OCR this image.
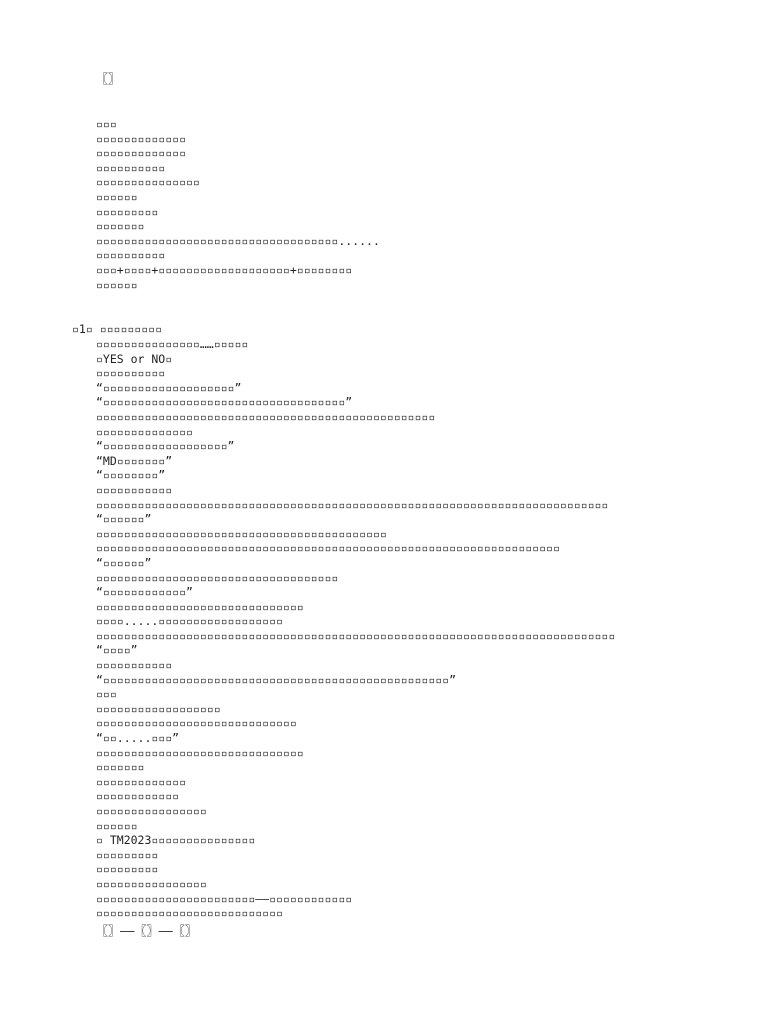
〖〗
▫▫▫
▫▫▫▫▫▫▫▫▫▫▫▫▫
▫▫▫▫▫▫▫▫▫▫▫▫▫
▫▫▫▫▫▫▫▫▫▫
▫▫▫▫▫▫▫▫▫▫▫▫▫▫▫
▫▫▫▫▫▫
▫▫▫▫▫▫▫▫▫
▫▫▫▫▫▫▫
▫▫▫▫▫▫▫▫▫▫▫▫▫▫▫▫▫▫▫▫▫▫▫▫▫▫▫▫▫▫▫▫▫▫▫......
▫▫▫▫▫▫▫▫▫▫
▫▫▫+▫▫▫▫+▫▫▫▫▫▫▫▫▫▫▫▫▫▫▫▫▫▫▫+▫▫▫▫▫▫▫▫
▫▫▫▫▫▫
▫1▫ ▫▫▫▫▫▫▫▫▫
▫▫▫▫▫▫▫▫▫▫▫▫▫▫▫……▫▫▫▫▫
▫YES or NO▫
▫▫▫▫▫▫▫▫▫▫
“▫▫▫▫▫▫▫▫▫▫▫▫▫▫▫▫▫▫▫”
“▫▫▫▫▫▫▫▫▫▫▫▫▫▫▫▫▫▫▫▫▫▫▫▫▫▫▫▫▫▫▫▫▫▫▫”
▫▫▫▫▫▫▫▫▫▫▫▫▫▫▫▫▫▫▫▫▫▫▫▫▫▫▫▫▫▫▫▫▫▫▫▫▫▫▫▫▫▫▫▫▫▫▫▫▫
▫▫▫▫▫▫▫▫▫▫▫▫▫▫
“▫▫▫▫▫▫▫▫▫▫▫▫▫▫▫▫▫▫”
“MD▫▫▫▫▫▫▫”
“▫▫▫▫▫▫▫▫”
▫▫▫▫▫▫▫▫▫▫▫
▫▫▫▫▫▫▫▫▫▫▫▫▫▫▫▫▫▫▫▫▫▫▫▫▫▫▫▫▫▫▫▫▫▫▫▫▫▫▫▫▫▫▫▫▫▫▫▫▫▫▫▫▫▫▫▫▫▫▫▫▫▫▫▫▫▫▫▫▫▫▫▫▫▫
“▫▫▫▫▫▫”
▫▫▫▫▫▫▫▫▫▫▫▫▫▫▫▫▫▫▫▫▫▫▫▫▫▫▫▫▫▫▫▫▫▫▫▫▫▫▫▫▫▫
▫▫▫▫▫▫▫▫▫▫▫▫▫▫▫▫▫▫▫▫▫▫▫▫▫▫▫▫▫▫▫▫▫▫▫▫▫▫▫▫▫▫▫▫▫▫▫▫▫▫▫▫▫▫▫▫▫▫▫▫▫▫▫▫▫▫▫
“▫▫▫▫▫▫”
▫▫▫▫▫▫▫▫▫▫▫▫▫▫▫▫▫▫▫▫▫▫▫▫▫▫▫▫▫▫▫▫▫▫▫
“▫▫▫▫▫▫▫▫▫▫▫▫”
▫▫▫▫▫▫▫▫▫▫▫▫▫▫▫▫▫▫▫▫▫▫▫▫▫▫▫▫▫▫
▫▫▫▫.....▫▫▫▫▫▫▫▫▫▫▫▫▫▫▫▫▫▫
▫▫▫▫▫▫▫▫▫▫▫▫▫▫▫▫▫▫▫▫▫▫▫▫▫▫▫▫▫▫▫▫▫▫▫▫▫▫▫▫▫▫▫▫▫▫▫▫▫▫▫▫▫▫▫▫▫▫▫▫▫▫▫▫▫▫▫▫▫▫▫▫▫▫▫
“▫▫▫▫”
▫▫▫▫▫▫▫▫▫▫▫
“▫▫▫▫▫▫▫▫▫▫▫▫▫▫▫▫▫▫▫▫▫▫▫▫▫▫▫▫▫▫▫▫▫▫▫▫▫▫▫▫▫▫▫▫▫▫▫▫▫▫”
▫▫▫
▫▫▫▫▫▫▫▫▫▫▫▫▫▫▫▫▫▫
▫▫▫▫▫▫▫▫▫▫▫▫▫▫▫▫▫▫▫▫▫▫▫▫▫▫▫▫▫
“▫▫.....▫▫▫”
▫▫▫▫▫▫▫▫▫▫▫▫▫▫▫▫▫▫▫▫▫▫▫▫▫▫▫▫▫▫
▫▫▫▫▫▫▫
▫▫▫▫▫▫▫▫▫▫▫▫▫
▫▫▫▫▫▫▫▫▫▫▫▫
▫▫▫▫▫▫▫▫▫▫▫▫▫▫▫▫
▫▫▫▫▫▫
▫ TM2023▫▫▫▫▫▫▫▫▫▫▫▫▫▫▫
▫▫▫▫▫▫▫▫▫
▫▫▫▫▫▫▫▫▫
▫▫▫▫▫▫▫▫▫▫▫▫▫▫▫▫
▫▫▫▫▫▫▫▫▫▫▫▫▫▫▫▫▫▫▫▫▫▫▫——▫▫▫▫▫▫▫▫▫▫▫▫
▫▫▫▫▫▫▫▫▫▫▫▫▫▫▫▫▫▫▫▫▫▫▫▫▫▫▫
〖〗——〖〗——〖〗
